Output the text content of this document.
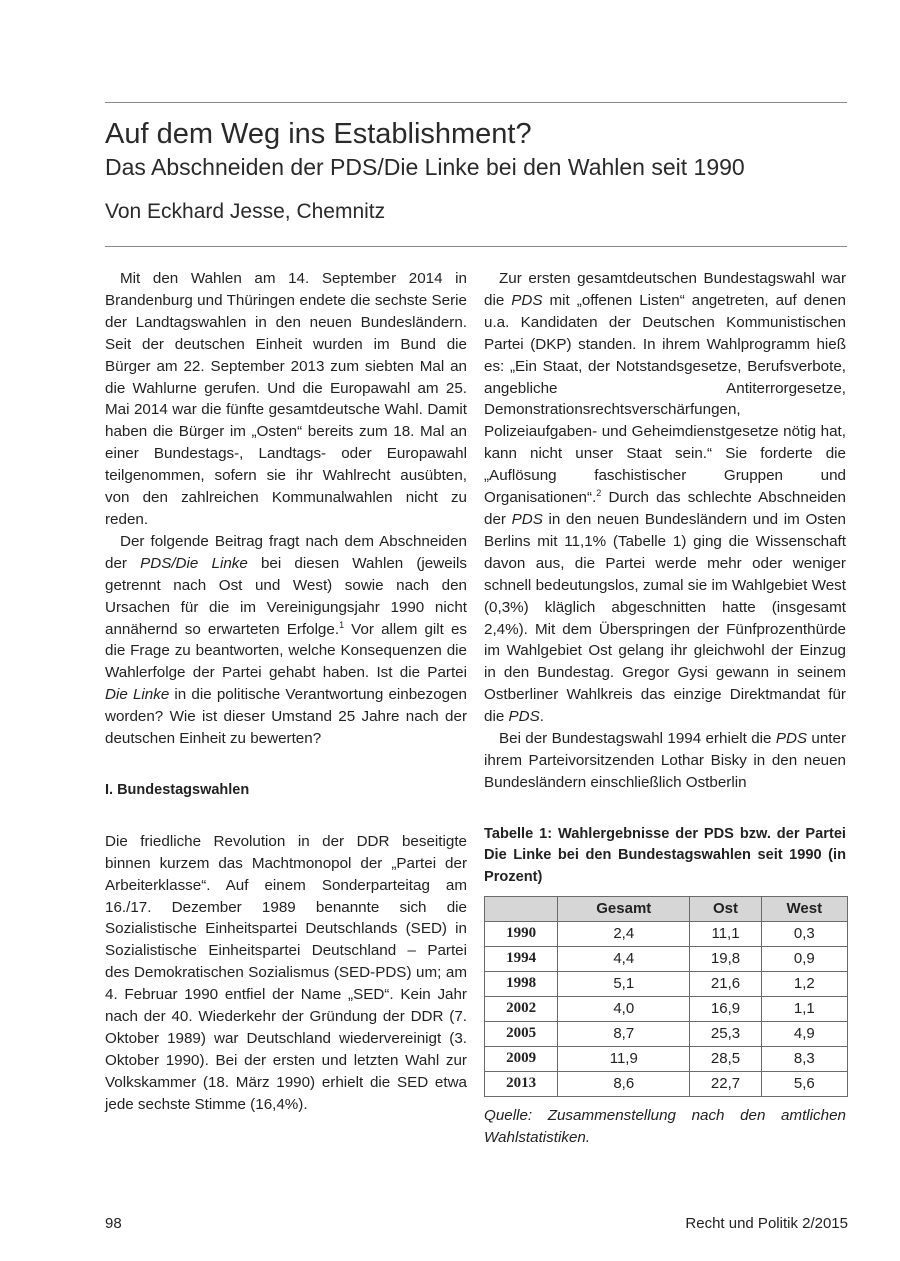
Auf dem Weg ins Establishment?
Das Abschneiden der PDS/Die Linke bei den Wahlen seit 1990
Von Eckhard Jesse, Chemnitz

Mit den Wahlen am 14. September 2014 in Brandenburg und Thüringen endete die sechste Serie der Landtagswahlen in den neuen Bundesländern. Seit der deutschen Einheit wurden im Bund die Bürger am 22. September 2013 zum siebten Mal an die Wahlurne gerufen. Und die Europawahl am 25. Mai 2014 war die fünfte gesamtdeutsche Wahl. Damit haben die Bürger im „Osten“ bereits zum 18. Mal an einer Bundestags-, Landtags- oder Europawahl teilgenommen, sofern sie ihr Wahlrecht ausübten, von den zahlreichen Kommunalwahlen nicht zu reden.

Der folgende Beitrag fragt nach dem Abschneiden der PDS/Die Linke bei diesen Wahlen (jeweils getrennt nach Ost und West) sowie nach den Ursachen für die im Vereinigungsjahr 1990 nicht annähernd so erwarteten Erfolge.$^1$ Vor allem gilt es die Frage zu beantworten, welche Konsequenzen die Wahlerfolge der Partei gehabt haben. Ist die Partei Die Linke in die politische Verantwortung einbezogen worden? Wie ist dieser Umstand 25 Jahre nach der deutschen Einheit zu bewerten?

I. Bundestagswahlen

Die friedliche Revolution in der DDR beseitigte binnen kurzem das Machtmonopol der „Partei der Arbeiterklasse“. Auf einem Sonderparteitag am 16./17. Dezember 1989 benannte sich die Sozialistische Einheitspartei Deutschlands (SED) in Sozialistische Einheitspartei Deutschland – Partei des Demokratischen Sozialismus (SED-PDS) um; am 4. Februar 1990 entfiel der Name „SED“. Kein Jahr nach der 40. Wiederkehr der Gründung der DDR (7. Oktober 1989) war Deutschland wiedervereinigt (3. Oktober 1990). Bei der ersten und letzten Wahl zur Volkskammer (18. März 1990) erhielt die SED etwa jede sechste Stimme (16,4%).

Zur ersten gesamtdeutschen Bundestagswahl war die PDS mit „offenen Listen“ angetreten, auf denen u.a. Kandidaten der Deutschen Kommunistischen Partei (DKP) standen. In ihrem Wahlprogramm hieß es: „Ein Staat, der Notstandsgesetze, Berufsverbote, angebliche Antiterrorgesetze, Demonstrationsrechtsverschärfungen, Polizeiaufgaben- und Geheimdienstgesetze nötig hat, kann nicht unser Staat sein.“ Sie forderte die „Auflösung faschistischer Gruppen und Organisationen“.$^2$ Durch das schlechte Abschneiden der PDS in den neuen Bundesländern und im Osten Berlins mit 11,1% (Tabelle 1) ging die Wissenschaft davon aus, die Partei werde mehr oder weniger schnell bedeutungslos, zumal sie im Wahlgebiet West (0,3%) kläglich abgeschnitten hatte (insgesamt 2,4%). Mit dem Überspringen der Fünfprozenthürde im Wahlgebiet Ost gelang ihr gleichwohl der Einzug in den Bundestag. Gregor Gysi gewann in seinem Ostberliner Wahlkreis das einzige Direktmandat für die PDS.

Bei der Bundestagswahl 1994 erhielt die PDS unter ihrem Parteivorsitzenden Lothar Bisky in den neuen Bundesländern einschließlich Ostberlin

Tabelle 1: Wahlergebnisse der PDS bzw. der Partei Die Linke bei den Bundestagswahlen seit 1990 (in Prozent)

	Gesamt	Ost	West
1990	2,4	11,1	0,3
1994	4,4	19,8	0,9
1998	5,1	21,6	1,2
2002	4,0	16,9	1,1
2005	8,7	25,3	4,9
2009	11,9	28,5	8,3
2013	8,6	22,7	5,6

Quelle: Zusammenstellung nach den amtlichen Wahlstatistiken.

98	Recht und Politik 2/2015
